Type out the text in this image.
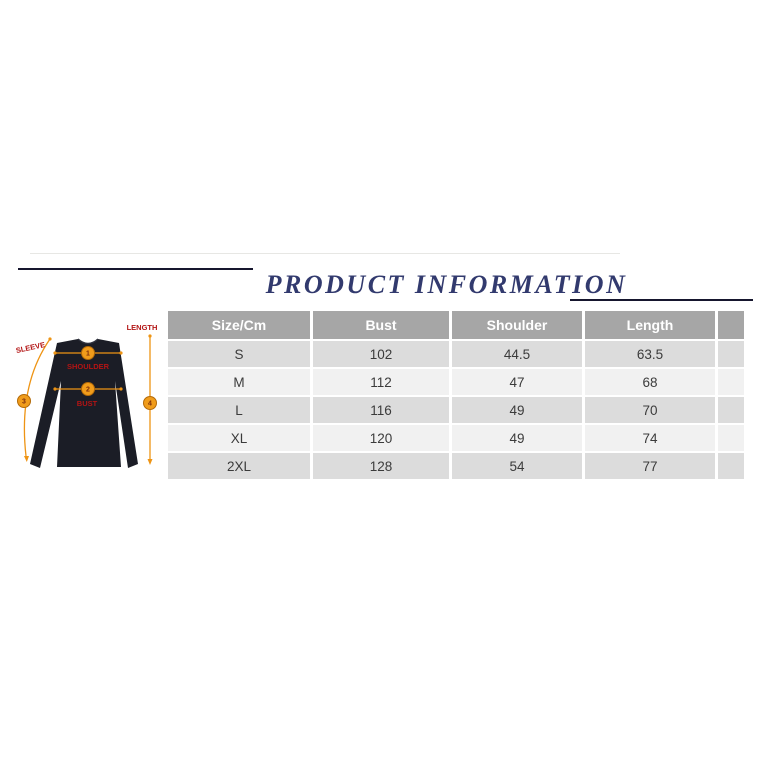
PRODUCT INFORMATION
Size/Cm	Bust	Shoulder	Length	
S	102	44.5	63.5	
M	112	47	68	
L	116	49	70	
XL	120	49	74	
2XL	128	54	77	
3
SLEEVE
4
LENGTH
1
SHOULDER
2
BUST
